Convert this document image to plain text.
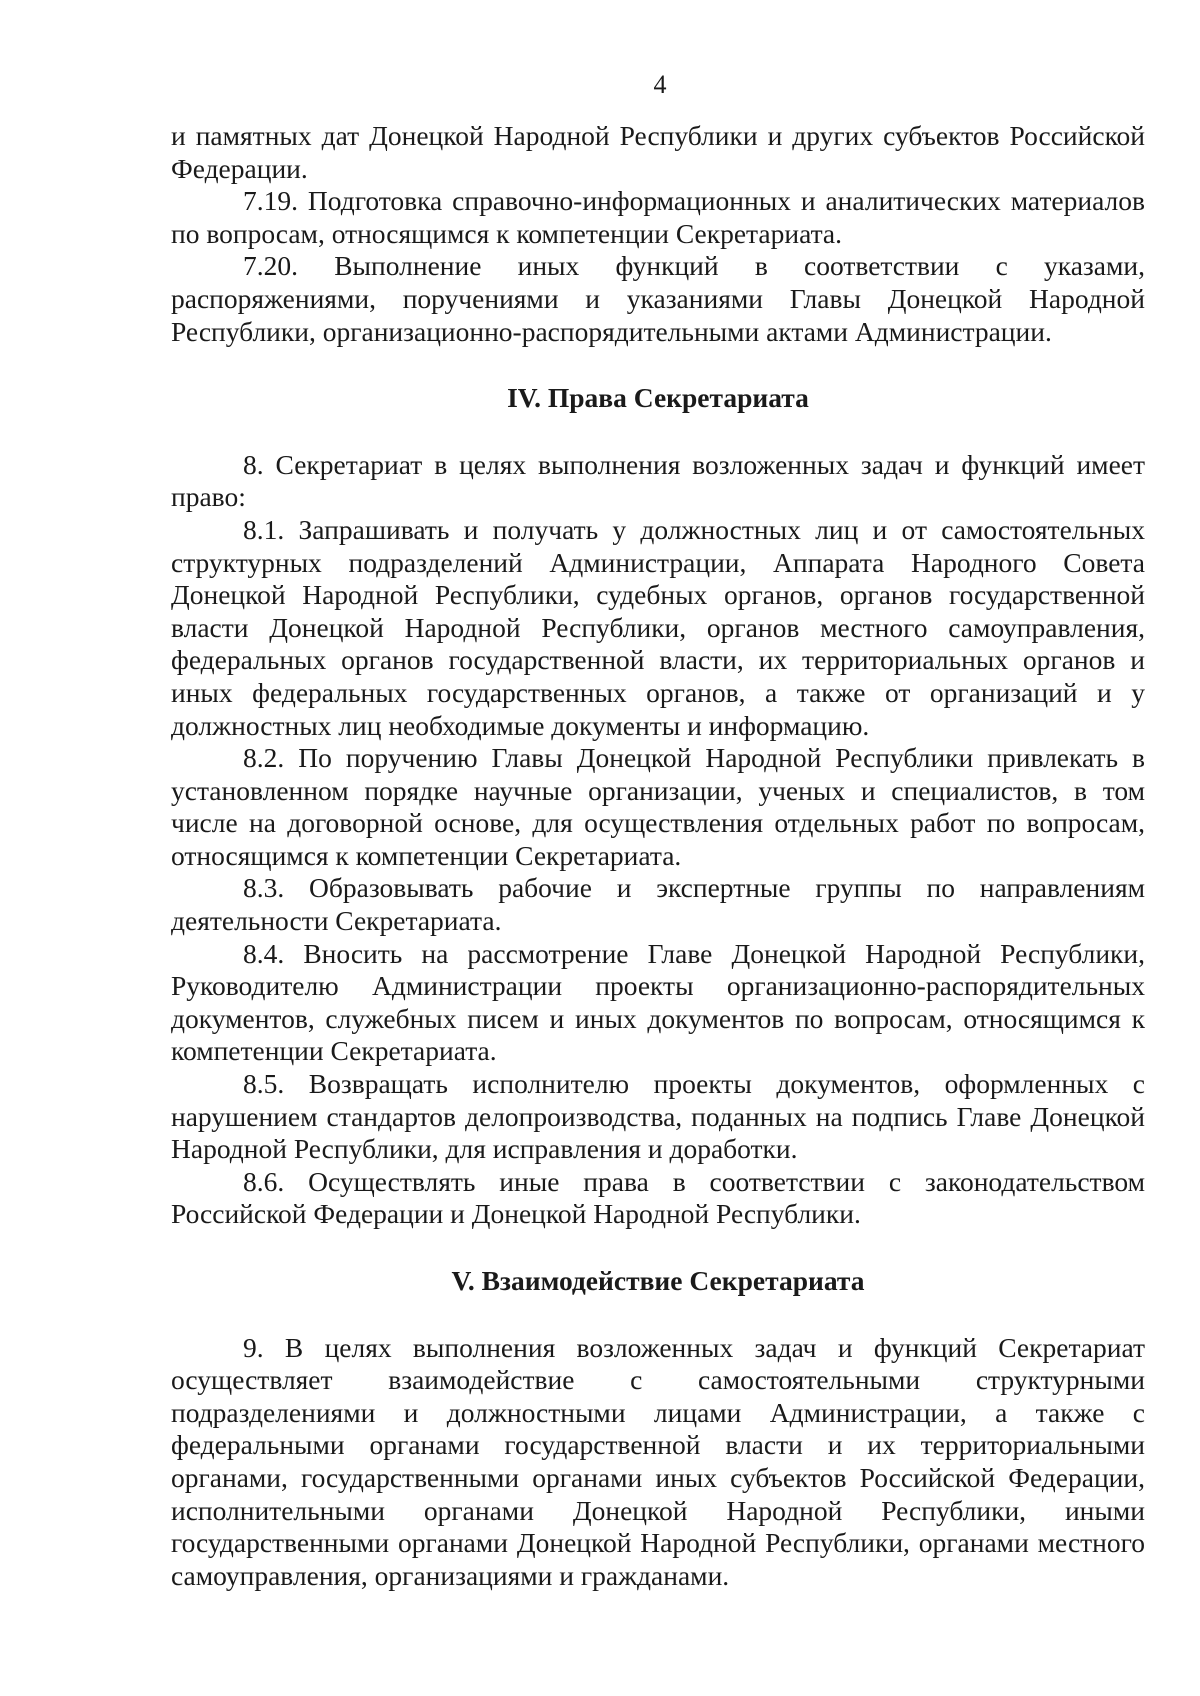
4

и памятных дат Донецкой Народной Республики и других субъектов Российской Федерации.

7.19. Подготовка справочно-информационных и аналитических материалов по вопросам, относящимся к компетенции Секретариата.

7.20. Выполнение иных функций в соответствии с указами, распоряжениями, поручениями и указаниями Главы Донецкой Народной Республики, организационно-распорядительными актами Администрации.

IV. Права Секретариата

8. Секретариат в целях выполнения возложенных задач и функций имеет право:

8.1. Запрашивать и получать у должностных лиц и от самостоятельных структурных подразделений Администрации, Аппарата Народного Совета Донецкой Народной Республики, судебных органов, органов государственной власти Донецкой Народной Республики, органов местного самоуправления, федеральных органов государственной власти, их территориальных органов и иных федеральных государственных органов, а также от организаций и у должностных лиц необходимые документы и информацию.

8.2. По поручению Главы Донецкой Народной Республики привлекать в установленном порядке научные организации, ученых и специалистов, в том числе на договорной основе, для осуществления отдельных работ по вопросам, относящимся к компетенции Секретариата.

8.3. Образовывать рабочие и экспертные группы по направлениям деятельности Секретариата.

8.4. Вносить на рассмотрение Главе Донецкой Народной Республики, Руководителю Администрации проекты организационно-распорядительных документов, служебных писем и иных документов по вопросам, относящимся к компетенции Секретариата.

8.5. Возвращать исполнителю проекты документов, оформленных с нарушением стандартов делопроизводства, поданных на подпись Главе Донецкой Народной Республики, для исправления и доработки.

8.6. Осуществлять иные права в соответствии с законодательством Российской Федерации и Донецкой Народной Республики.

V. Взаимодействие Секретариата

9. В целях выполнения возложенных задач и функций Секретариат осуществляет взаимодействие с самостоятельными структурными подразделениями и должностными лицами Администрации, а также с федеральными органами государственной власти и их территориальными органами, государственными органами иных субъектов Российской Федерации, исполнительными органами Донецкой Народной Республики, иными государственными органами Донецкой Народной Республики, органами местного самоуправления, организациями и гражданами.
